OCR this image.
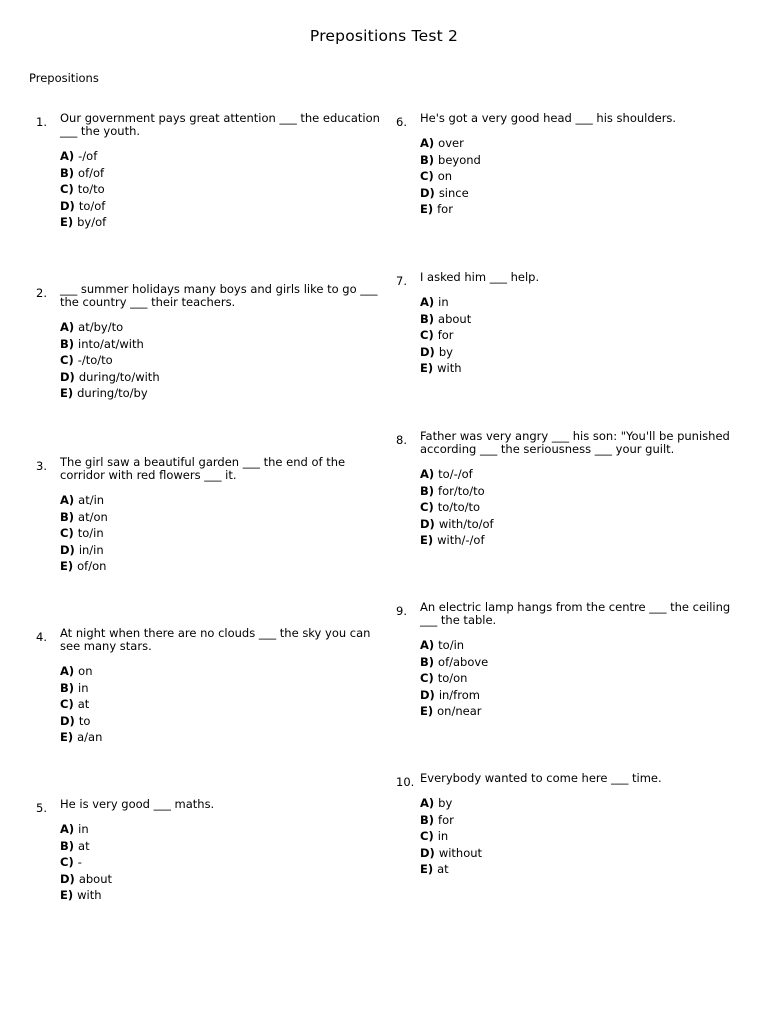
Prepositions Test 2
Prepositions
1. Our government pays great attention ___ the education ___ the youth.

A) -/of
B) of/of
C) to/to
D) to/of
E) by/of
2. ___ summer holidays many boys and girls like to go ___ the country ___ their teachers.

A) at/by/to
B) into/at/with
C) -/to/to
D) during/to/with
E) during/to/by
3. The girl saw a beautiful garden ___ the end of the corridor with red flowers ___ it.

A) at/in
B) at/on
C) to/in
D) in/in
E) of/on
4. At night when there are no clouds ___ the sky you can see many stars.

A) on
B) in
C) at
D) to
E) a/an
5. He is very good ___ maths.

A) in
B) at
C) -
D) about
E) with
6. He's got a very good head ___ his shoulders.

A) over
B) beyond
C) on
D) since
E) for
7. I asked him ___ help.

A) in
B) about
C) for
D) by
E) with
8. Father was very angry ___ his son: "You'll be punished according ___ the seriousness ___ your guilt.

A) to/-/of
B) for/to/to
C) to/to/to
D) with/to/of
E) with/-/of
9. An electric lamp hangs from the centre ___ the ceiling ___ the table.

A) to/in
B) of/above
C) to/on
D) in/from
E) on/near
10. Everybody wanted to come here ___ time.

A) by
B) for
C) in
D) without
E) at
